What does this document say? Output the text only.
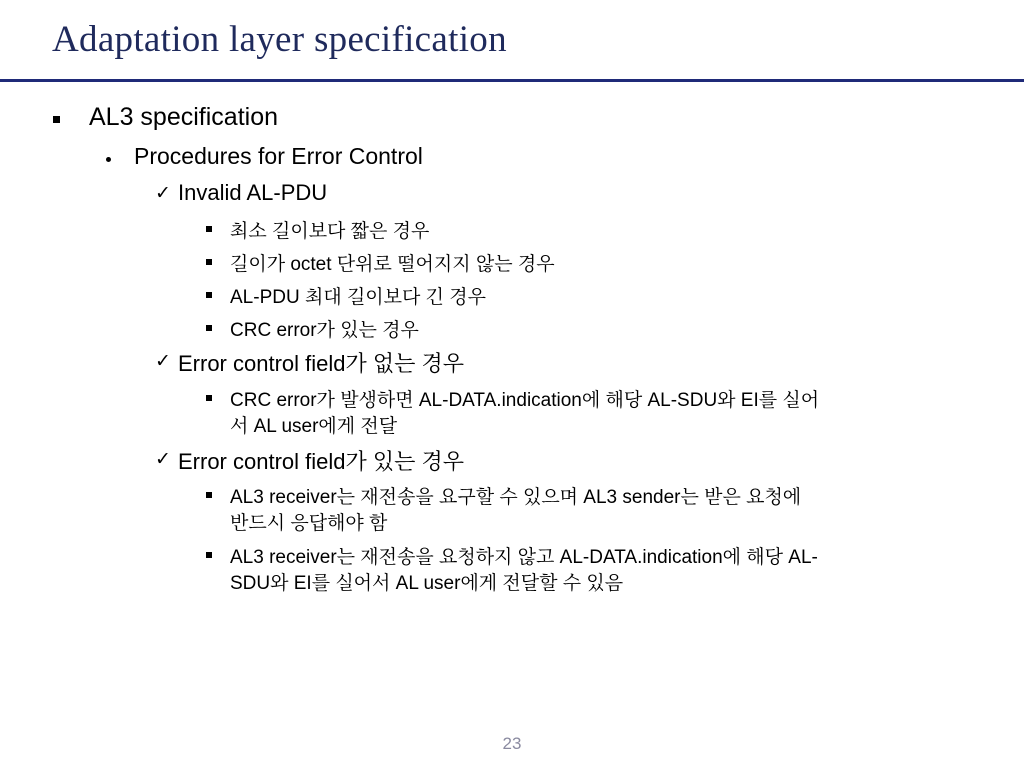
Adaptation layer specification
AL3 specification
Procedures for Error Control
✓ Invalid AL-PDU
최소 길이보다 짧은 경우
길이가 octet 단위로 떨어지지 않는 경우
AL-PDU 최대 길이보다 긴 경우
CRC error가 있는 경우
✓ Error control field가 없는 경우
CRC error가 발생하면 AL-DATA.indication에 해당 AL-SDU와 EI를 실어
서 AL user에게 전달
✓ Error control field가 있는 경우
AL3 receiver는 재전송을 요구할 수 있으며 AL3 sender는 받은 요청에
반드시 응답해야 함
AL3 receiver는 재전송을 요청하지 않고 AL-DATA.indication에 해당 AL-
SDU와 EI를 실어서 AL user에게 전달할 수 있음
23
